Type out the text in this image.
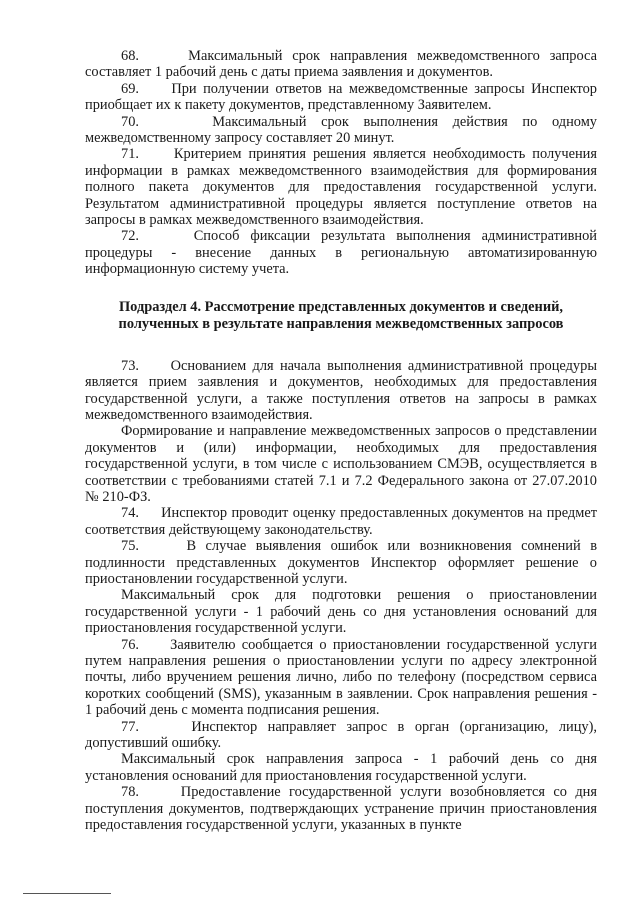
68.     Максимальный срок направления межведомственного запроса составляет 1 рабочий день с даты приема заявления и документов.

69.     При получении ответов на межведомственные запросы Инспектор приобщает их к пакету документов, представленному Заявителем.

70.     Максимальный срок выполнения действия по одному межведомственному запросу составляет 20 минут.

71.     Критерием принятия решения является необходимость получения информации в рамках межведомственного взаимодействия для формирования полного пакета документов для предоставления государственной услуги. Результатом административной процедуры является поступление ответов на запросы в рамках межведомственного взаимодействия.

72.     Способ фиксации результата выполнения административной процедуры - внесение данных в региональную автоматизированную информационную систему учета.

Подраздел 4. Рассмотрение представленных документов и сведений,

полученных в результате направления межведомственных запросов

73.     Основанием для начала выполнения административной процедуры является прием заявления и документов, необходимых для предоставления государственной услуги, а также поступления ответов на запросы в рамках межведомственного взаимодействия.

Формирование и направление межведомственных запросов о представлении документов и (или) информации, необходимых для предоставления государственной услуги, в том числе с использованием СМЭВ, осуществляется в соответствии с требованиями статей 7.1 и 7.2 Федерального закона от 27.07.2010 № 210-ФЗ.

74.     Инспектор проводит оценку предоставленных документов на предмет соответствия действующему законодательству.

75.     В случае выявления ошибок или возникновения сомнений в подлинности представленных документов Инспектор оформляет решение о приостановлении государственной услуги.

Максимальный срок для подготовки решения о приостановлении государственной услуги - 1 рабочий день со дня установления оснований для приостановления государственной услуги.

76.     Заявителю сообщается о приостановлении государственной услуги путем направления решения о приостановлении услуги по адресу электронной почты, либо вручением решения лично, либо по телефону (посредством сервиса коротких сообщений (SMS), указанным в заявлении. Срок направления решения - 1 рабочий день с момента подписания решения.

77.     Инспектор направляет запрос в орган (организацию, лицу), допустивший ошибку.

Максимальный срок направления запроса - 1 рабочий день со дня установления оснований для приостановления государственной услуги.

78.     Предоставление государственной услуги возобновляется со дня поступления документов, подтверждающих устранение причин приостановления предоставления государственной услуги, указанных в пункте
